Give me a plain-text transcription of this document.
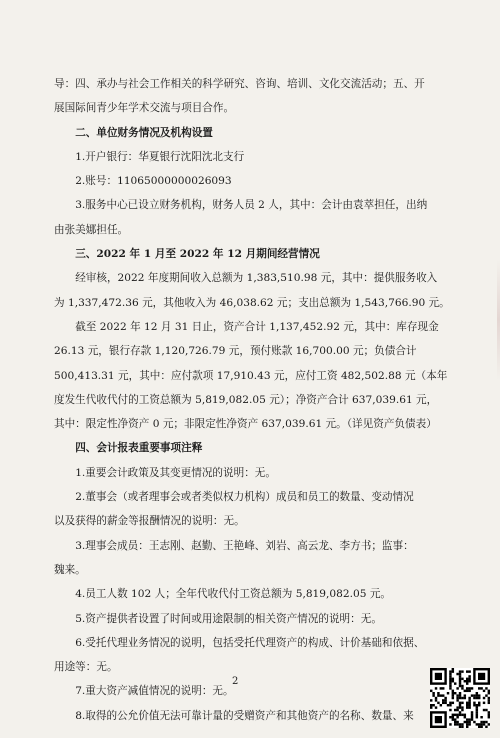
导：四、承办与社会工作相关的科学研究、咨询、培训、文化交流活动；五、开

展国际间青少年学术交流与项目合作。

二、单位财务情况及机构设置

1.开户银行：华夏银行沈阳沈北支行

2.账号：11065000000026093

3.服务中心已设立财务机构，财务人员 2 人，其中：会计由袁萃担任，出纳

由张美娜担任。

三、2022 年 1 月至 2022 年 12 月期间经营情况

经审核，2022 年度期间收入总额为 1,383,510.98 元，其中：提供服务收入

为 1,337,472.36 元，其他收入为 46,038.62 元；支出总额为 1,543,766.90 元。

截至 2022 年 12 月 31 日止，资产合计 1,137,452.92 元，其中：库存现金

26.13 元，银行存款 1,120,726.79 元，预付账款 16,700.00 元；负债合计

500,413.31 元，其中：应付款项 17,910.43 元，应付工资 482,502.88 元（本年

度发生代收代付的工资总额为 5,819,082.05 元）；净资产合计 637,039.61 元，

其中：限定性净资产 0 元；非限定性净资产 637,039.61 元。（详见资产负债表）

四、会计报表重要事项注释

1.重要会计政策及其变更情况的说明：无。

2.董事会（或者理事会或者类似权力机构）成员和员工的数量、变动情况

以及获得的薪金等报酬情况的说明：无。

3.理事会成员：王志刚、赵勤、王艳峰、刘岩、高云龙、李方书；监事：

魏来。

4.员工人数 102 人；全年代收代付工资总额为 5,819,082.05 元。

5.资产提供者设置了时间或用途限制的相关资产情况的说明：无。

6.受托代理业务情况的说明，包括受托代理资产的构成、计价基础和依据、

用途等：无。

7.重大资产减值情况的说明：无。

8.取得的公允价值无法可靠计量的受赠资产和其他资产的名称、数量、来

2
